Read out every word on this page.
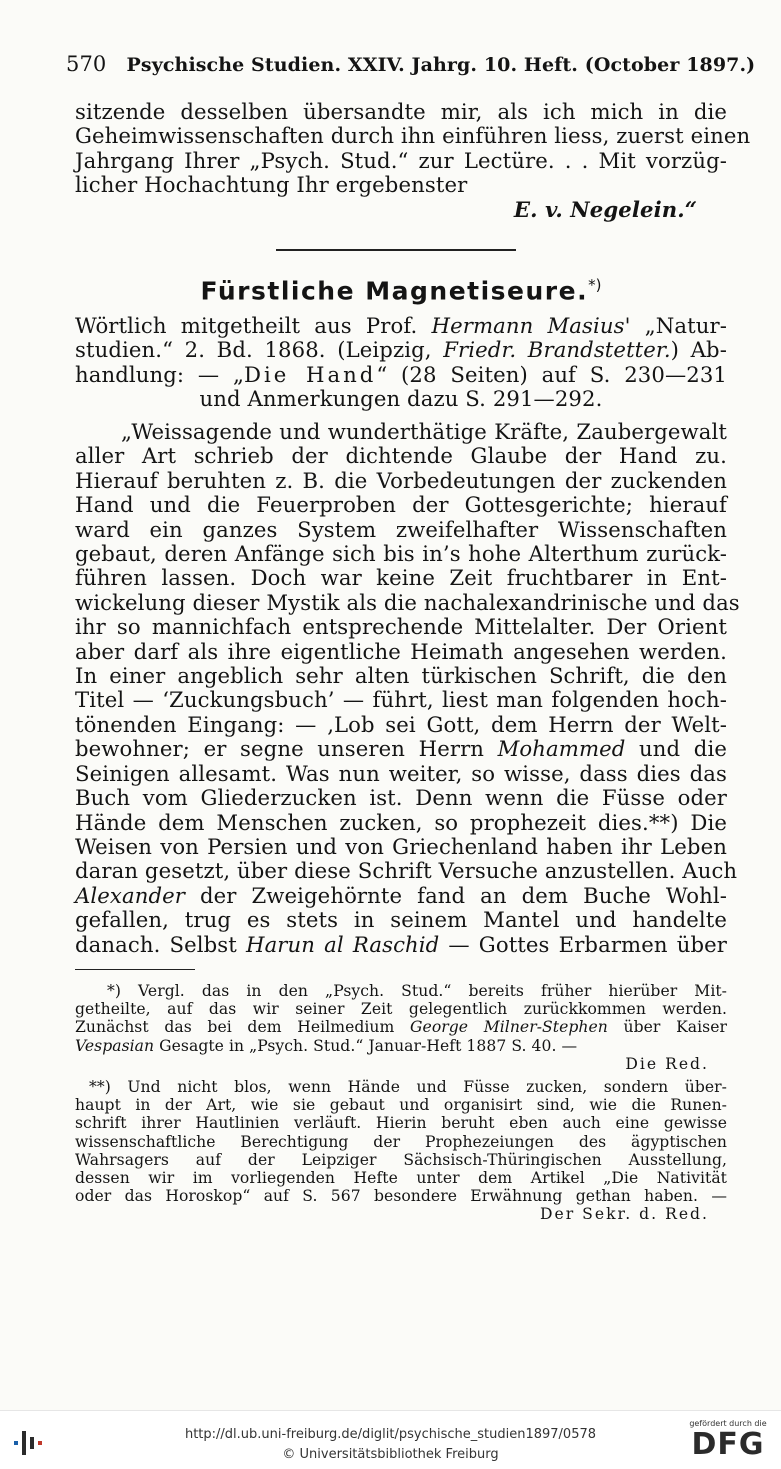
570 Psychische Studien. XXIV. Jahrg. 10. Heft. (October 1897.)
sitzende desselben übersandte mir, als ich mich in die
Geheimwissenschaften durch ihn einführen liess, zuerst einen
Jahrgang Ihrer „Psych. Stud.“ zur Lectüre. . . Mit vorzüg-
licher Hochachtung Ihr ergebenster
E. v. Negelein.“
Fürstliche Magnetiseure.*)
Wörtlich mitgetheilt aus Prof. Hermann Masius' „Natur-
studien.“ 2. Bd. 1868. (Leipzig, Friedr. Brandstetter.) Ab-
handlung: — „Die Hand“ (28 Seiten) auf S. 230—231
und Anmerkungen dazu S. 291—292.
„Weissagende und wunderthätige Kräfte, Zaubergewalt
aller Art schrieb der dichtende Glaube der Hand zu.
Hierauf beruhten z. B. die Vorbedeutungen der zuckenden
Hand und die Feuerproben der Gottesgerichte; hierauf
ward ein ganzes System zweifelhafter Wissenschaften
gebaut, deren Anfänge sich bis in’s hohe Alterthum zurück-
führen lassen. Doch war keine Zeit fruchtbarer in Ent-
wickelung dieser Mystik als die nachalexandrinische und das
ihr so mannichfach entsprechende Mittelalter. Der Orient
aber darf als ihre eigentliche Heimath angesehen werden.
In einer angeblich sehr alten türkischen Schrift, die den
Titel — ‘Zuckungsbuch’ — führt, liest man folgenden hoch-
tönenden Eingang: — ‚Lob sei Gott, dem Herrn der Welt-
bewohner; er segne unseren Herrn Mohammed und die
Seinigen allesamt. Was nun weiter, so wisse, dass dies das
Buch vom Gliederzucken ist. Denn wenn die Füsse oder
Hände dem Menschen zucken, so prophezeit dies.**) Die
Weisen von Persien und von Griechenland haben ihr Leben
daran gesetzt, über diese Schrift Versuche anzustellen. Auch
Alexander der Zweigehörnte fand an dem Buche Wohl-
gefallen, trug es stets in seinem Mantel und handelte
danach. Selbst Harun al Raschid — Gottes Erbarmen über
*) Vergl. das in den „Psych. Stud.“ bereits früher hierüber Mit-
getheilte, auf das wir seiner Zeit gelegentlich zurückkommen werden.
Zunächst das bei dem Heilmedium George Milner-Stephen über Kaiser
Vespasian Gesagte in „Psych. Stud.“ Januar-Heft 1887 S. 40. —
Die Red.
**) Und nicht blos, wenn Hände und Füsse zucken, sondern über-
haupt in der Art, wie sie gebaut und organisirt sind, wie die Runen-
schrift ihrer Hautlinien verläuft. Hierin beruht eben auch eine gewisse
wissenschaftliche Berechtigung der Prophezeiungen des ägyptischen
Wahrsagers auf der Leipziger Sächsisch-Thüringischen Ausstellung,
dessen wir im vorliegenden Hefte unter dem Artikel „Die Nativität
oder das Horoskop“ auf S. 567 besondere Erwähnung gethan haben. —
Der Sekr. d. Red.
http://dl.ub.uni-freiburg.de/diglit/psychische_studien1897/0578
© Universitätsbibliothek Freiburg
gefördert durch die
DFG
